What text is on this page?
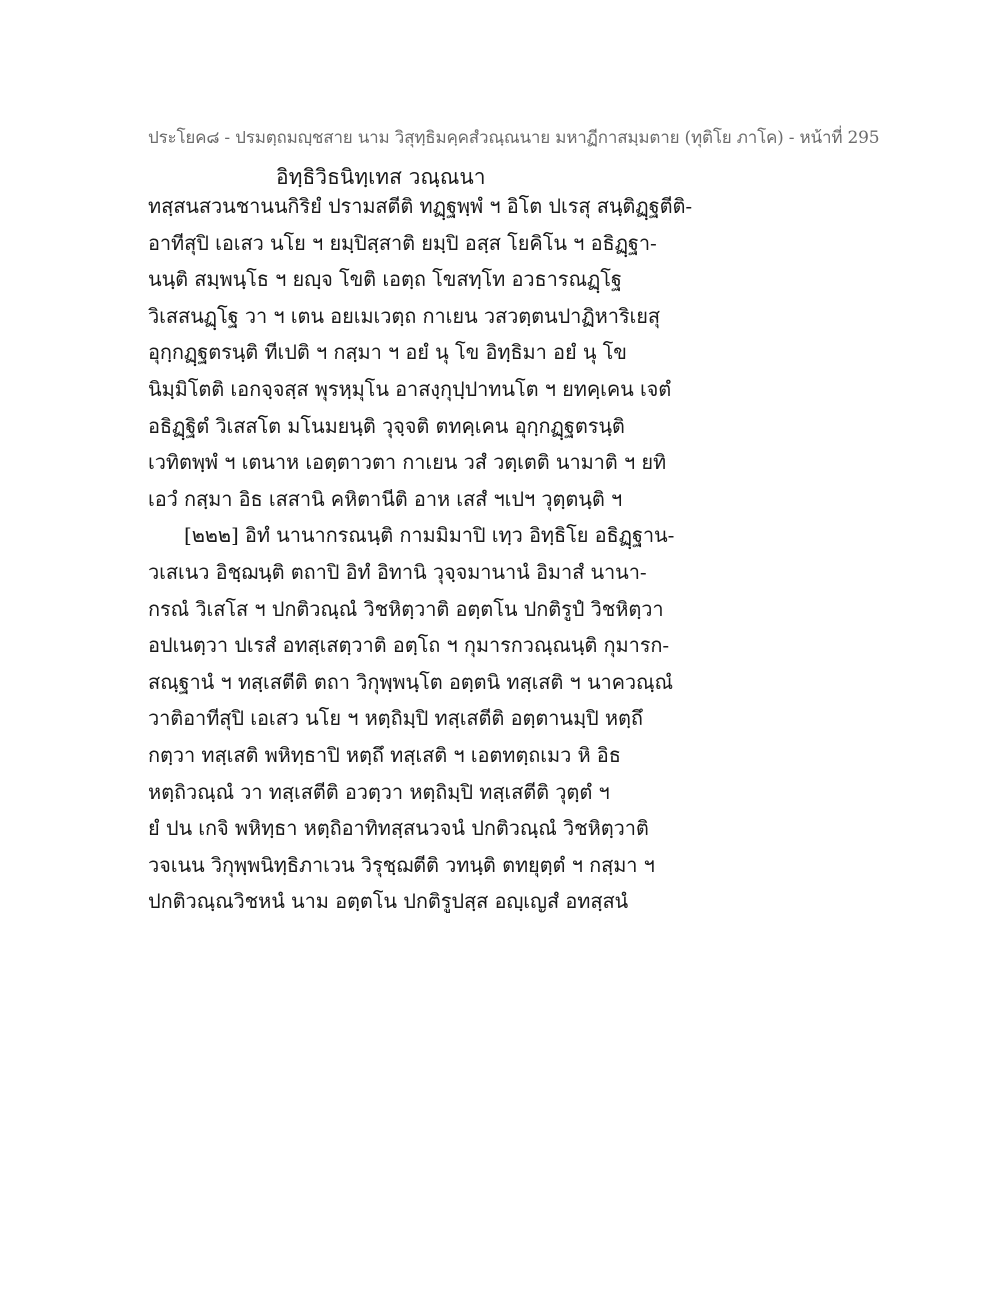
ประโยค๘ - ปรมตฺถมญฺชสาย นาม วิสุทฺธิมคฺคสํวณฺณนาย มหาฏีกาสมฺมตาย (ทุติโย ภาโค) - หน้าที่ 295
อิทฺธิวิธนิทฺเทส วณฺณนา
ทสฺสนสวนชานนกิริยํ ปรามสตีติ ทฏฺฐพฺพํ ฯ อิโต ปเรสุ สนฺติฏฺฐตีติ-
อาทีสุปิ เอเสว นโย ฯ ยมฺปิสฺสาติ ยมฺปิ อสฺส โยคิโน ฯ อธิฏฺฐา-
นนฺติ สมฺพนฺโธ ฯ ยญฺจ โขติ เอตฺถ โขสทฺโท อวธารณฏฺโฐ
วิเสสนฏฺโฐ วา ฯ เตน อยเมเวตฺถ กาเยน วสวตฺตนปาฏิหาริเยสุ
อุกฺกฏฺฐตรนฺติ ทีเปติ ฯ กสฺมา ฯ อยํ นุ โข อิทฺธิมา อยํ นุ โข
นิมฺมิโตติ เอกจฺจสฺส พุรหฺมุโน อาสงฺกุปฺปาทนโต ฯ ยทคฺเคน เจตํ
อธิฏฺฐิตํ วิเสสโต มโนมยนฺติ วุจฺจติ ตทคฺเคน อุกฺกฏฺฐตรนฺติ
เวทิตพฺพํ ฯ เตนาห เอตฺตาวตา กาเยน วสํ วตฺเตติ นามาติ ฯ ยทิ
เอวํ กสฺมา อิธ เสสานิ คหิตานีติ อาห เสสํ ฯเปฯ วุตฺตนฺติ ฯ
[๒๒๒] อิทํ นานากรณนฺติ กามมิมาปิ เทฺว อิทฺธิโย อธิฏฺฐาน-
วเสเนว อิชฺฌนฺติ ตถาปิ อิทํ อิทานิ วุจฺจมานานํ อิมาสํ นานา-
กรณํ วิเสโส ฯ ปกติวณฺณํ วิชหิตฺวาติ อตฺตโน ปกติรูปํ วิชหิตฺวา
อปเนตฺวา ปเรสํ อทสฺเสตฺวาติ อตฺโถ ฯ กุมารกวณฺณนฺติ กุมารก-
สณฺฐานํ ฯ ทสฺเสตีติ ตถา วิกุพฺพนฺโต อตฺตนิ ทสฺเสติ ฯ นาควณฺณํ
วาติอาทีสุปิ เอเสว นโย ฯ หตฺถิมฺปิ ทสฺเสตีติ อตฺตานมฺปิ หตฺถึ
กตฺวา ทสฺเสติ พหิทฺธาปิ หตฺถึ ทสฺเสติ ฯ เอตทตฺถเมว หิ อิธ
หตฺถิวณฺณํ วา ทสฺเสตีติ อวตฺวา หตฺถิมฺปิ ทสฺเสตีติ วุตฺตํ ฯ
ยํ ปน เกจิ พหิทฺธา หตฺถิอาทิทสฺสนวจนํ ปกติวณฺณํ วิชหิตฺวาติ
วจเนน วิกุพฺพนิทฺธิภาเวน วิรุชฺฌตีติ วทนฺติ ตทยุตฺตํ ฯ กสฺมา ฯ
ปกติวณฺณวิชหนํ นาม อตฺตโน ปกติรูปสฺส อญฺเญสํ อทสฺสนํ
